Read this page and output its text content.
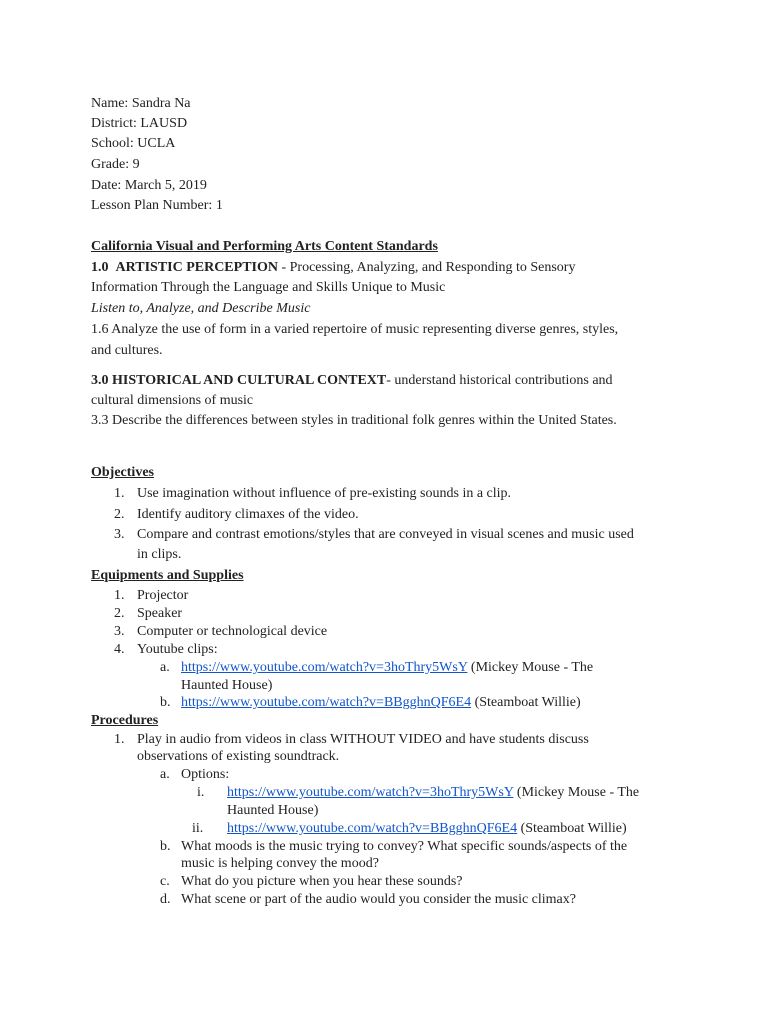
Name: Sandra Na
District: LAUSD
School: UCLA
Grade: 9
Date: March 5, 2019
Lesson Plan Number: 1
California Visual and Performing Arts Content Standards
1.0 ARTISTIC PERCEPTION - Processing, Analyzing, and Responding to Sensory
Information Through the Language and Skills Unique to Music
Listen to, Analyze, and Describe Music
1.6 Analyze the use of form in a varied repertoire of music representing diverse genres, styles,
and cultures.
3.0 HISTORICAL AND CULTURAL CONTEXT- understand historical contributions and
cultural dimensions of music
3.3 Describe the differences between styles in traditional folk genres within the United States.
Objectives
1. Use imagination without influence of pre-existing sounds in a clip.
2. Identify auditory climaxes of the video.
3. Compare and contrast emotions/styles that are conveyed in visual scenes and music used
in clips.
Equipments and Supplies
1. Projector
2. Speaker
3. Computer or technological device
4. Youtube clips:
a. https://www.youtube.com/watch?v=3hoThry5WsY (Mickey Mouse - The
Haunted House)
b. https://www.youtube.com/watch?v=BBgghnQF6E4 (Steamboat Willie)
Procedures
1. Play in audio from videos in class WITHOUT VIDEO and have students discuss
observations of existing soundtrack.
a. Options:
i. https://www.youtube.com/watch?v=3hoThry5WsY (Mickey Mouse - The
Haunted House)
ii. https://www.youtube.com/watch?v=BBgghnQF6E4 (Steamboat Willie)
b. What moods is the music trying to convey? What specific sounds/aspects of the
music is helping convey the mood?
c. What do you picture when you hear these sounds?
d. What scene or part of the audio would you consider the music climax?
